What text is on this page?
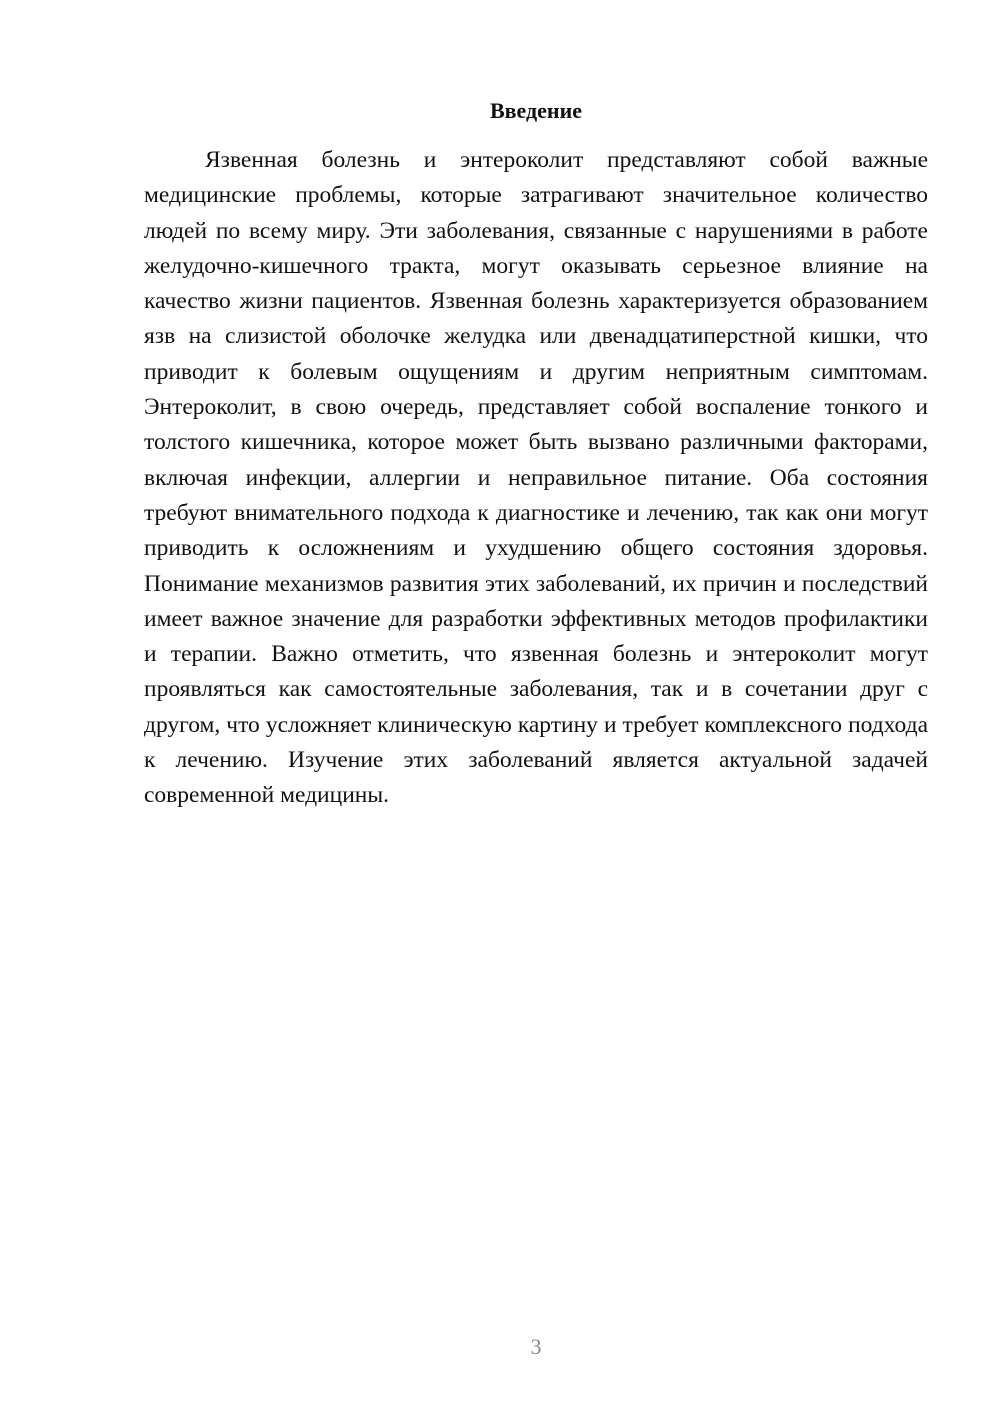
Введение

Язвенная болезнь и энтероколит представляют собой важные медицинские проблемы, которые затрагивают значительное количество людей по всему миру. Эти заболевания, связанные с нарушениями в работе желудочно-кишечного тракта, могут оказывать серьезное влияние на качество жизни пациентов. Язвенная болезнь характеризуется образованием язв на слизистой оболочке желудка или двенадцатиперстной кишки, что приводит к болевым ощущениям и другим неприятным симптомам. Энтероколит, в свою очередь, представляет собой воспаление тонкого и толстого кишечника, которое может быть вызвано различными факторами, включая инфекции, аллергии и неправильное питание. Оба состояния требуют внимательного подхода к диагностике и лечению, так как они могут приводить к осложнениям и ухудшению общего состояния здоровья. Понимание механизмов развития этих заболеваний, их причин и последствий имеет важное значение для разработки эффективных методов профилактики и терапии. Важно отметить, что язвенная болезнь и энтероколит могут проявляться как самостоятельные заболевания, так и в сочетании друг с другом, что усложняет клиническую картину и требует комплексного подхода к лечению. Изучение этих заболеваний является актуальной задачей современной медицины.

3
